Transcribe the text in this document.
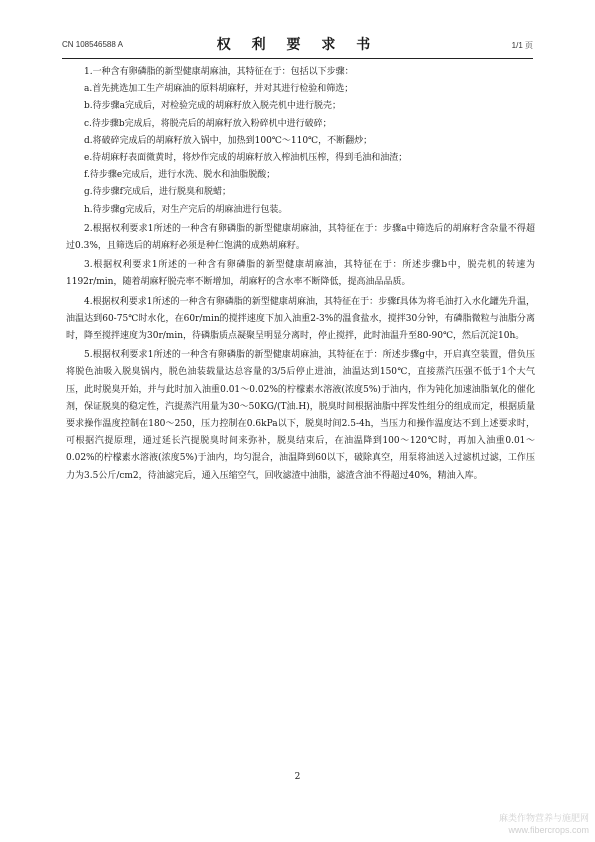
CN 108546588 A	权 利 要 求 书	1/1 页

1.一种含有卵磷脂的新型健康胡麻油，其特征在于：包括以下步骤：

a.首先挑选加工生产胡麻油的原料胡麻籽，并对其进行检验和筛选；

b.待步骤a完成后，对检验完成的胡麻籽放入脱壳机中进行脱壳；

c.待步骤b完成后，将脱壳后的胡麻籽放入粉碎机中进行破碎；

d.将破碎完成后的胡麻籽放入锅中，加热到100℃～110℃，不断翻炒；

e.待胡麻籽表面微黄时，将炒作完成的胡麻籽放入榨油机压榨，得到毛油和油渣；

f.待步骤e完成后，进行水洗、脱水和油脂脱酸；

g.待步骤f完成后，进行脱臭和脱蜡；

h.待步骤g完成后，对生产完后的胡麻油进行包装。

2.根据权利要求1所述的一种含有卵磷脂的新型健康胡麻油，其特征在于：步骤a中筛选后的胡麻籽含杂量不得超过0.3%，且筛选后的胡麻籽必须是种仁饱满的成熟胡麻籽。

3.根据权利要求1所述的一种含有卵磷脂的新型健康胡麻油，其特征在于：所述步骤b中，脱壳机的转速为1192r/min，随着胡麻籽脱壳率不断增加，胡麻籽的含水率不断降低，提高油品品质。

4.根据权利要求1所述的一种含有卵磷脂的新型健康胡麻油，其特征在于：步骤f具体为将毛油打入水化罐先升温，油温达到60-75℃时水化，在60r/min的搅拌速度下加入油重2-3%的温食盐水，搅拌30分钟，有磷脂微粒与油脂分离时，降至搅拌速度为30r/min，待磷脂质点凝聚呈明显分离时，停止搅拌，此时油温升至80-90℃，然后沉淀10h。

5.根据权利要求1所述的一种含有卵磷脂的新型健康胡麻油，其特征在于：所述步骤g中，开启真空装置，借负压将脱色油吸入脱臭锅内，脱色油装载量达总容量的3/5后停止进油，油温达到150℃，直接蒸汽压强不低于1个大气压，此时脱臭开始，并与此时加入油重0.01～0.02%的柠檬素水溶液(浓度5%)于油内，作为钝化加速油脂氧化的催化剂，保证脱臭的稳定性，汽提蒸汽用量为30～50KG/(T油.H)，脱臭时间根据油脂中挥发性组分的组成而定，根据质量要求操作温度控制在180～250，压力控制在0.6kPa以下，脱臭时间2.5-4h，当压力和操作温度达不到上述要求时，可根据汽提原理，通过延长汽提脱臭时间来弥补，脱臭结束后，在油温降到100～120℃时，再加入油重0.01～0.02%的柠檬素水溶液(浓度5%)于油内，均匀混合，油温降到60以下，破除真空，用泵将油送入过滤机过滤，工作压力为3.5公斤/cm2，待油滤完后，通入压缩空气，回收滤渣中油脂，滤渣含油不得超过40%，精油入库。

2
麻类作物营养与施肥网
www.fibercrops.com
